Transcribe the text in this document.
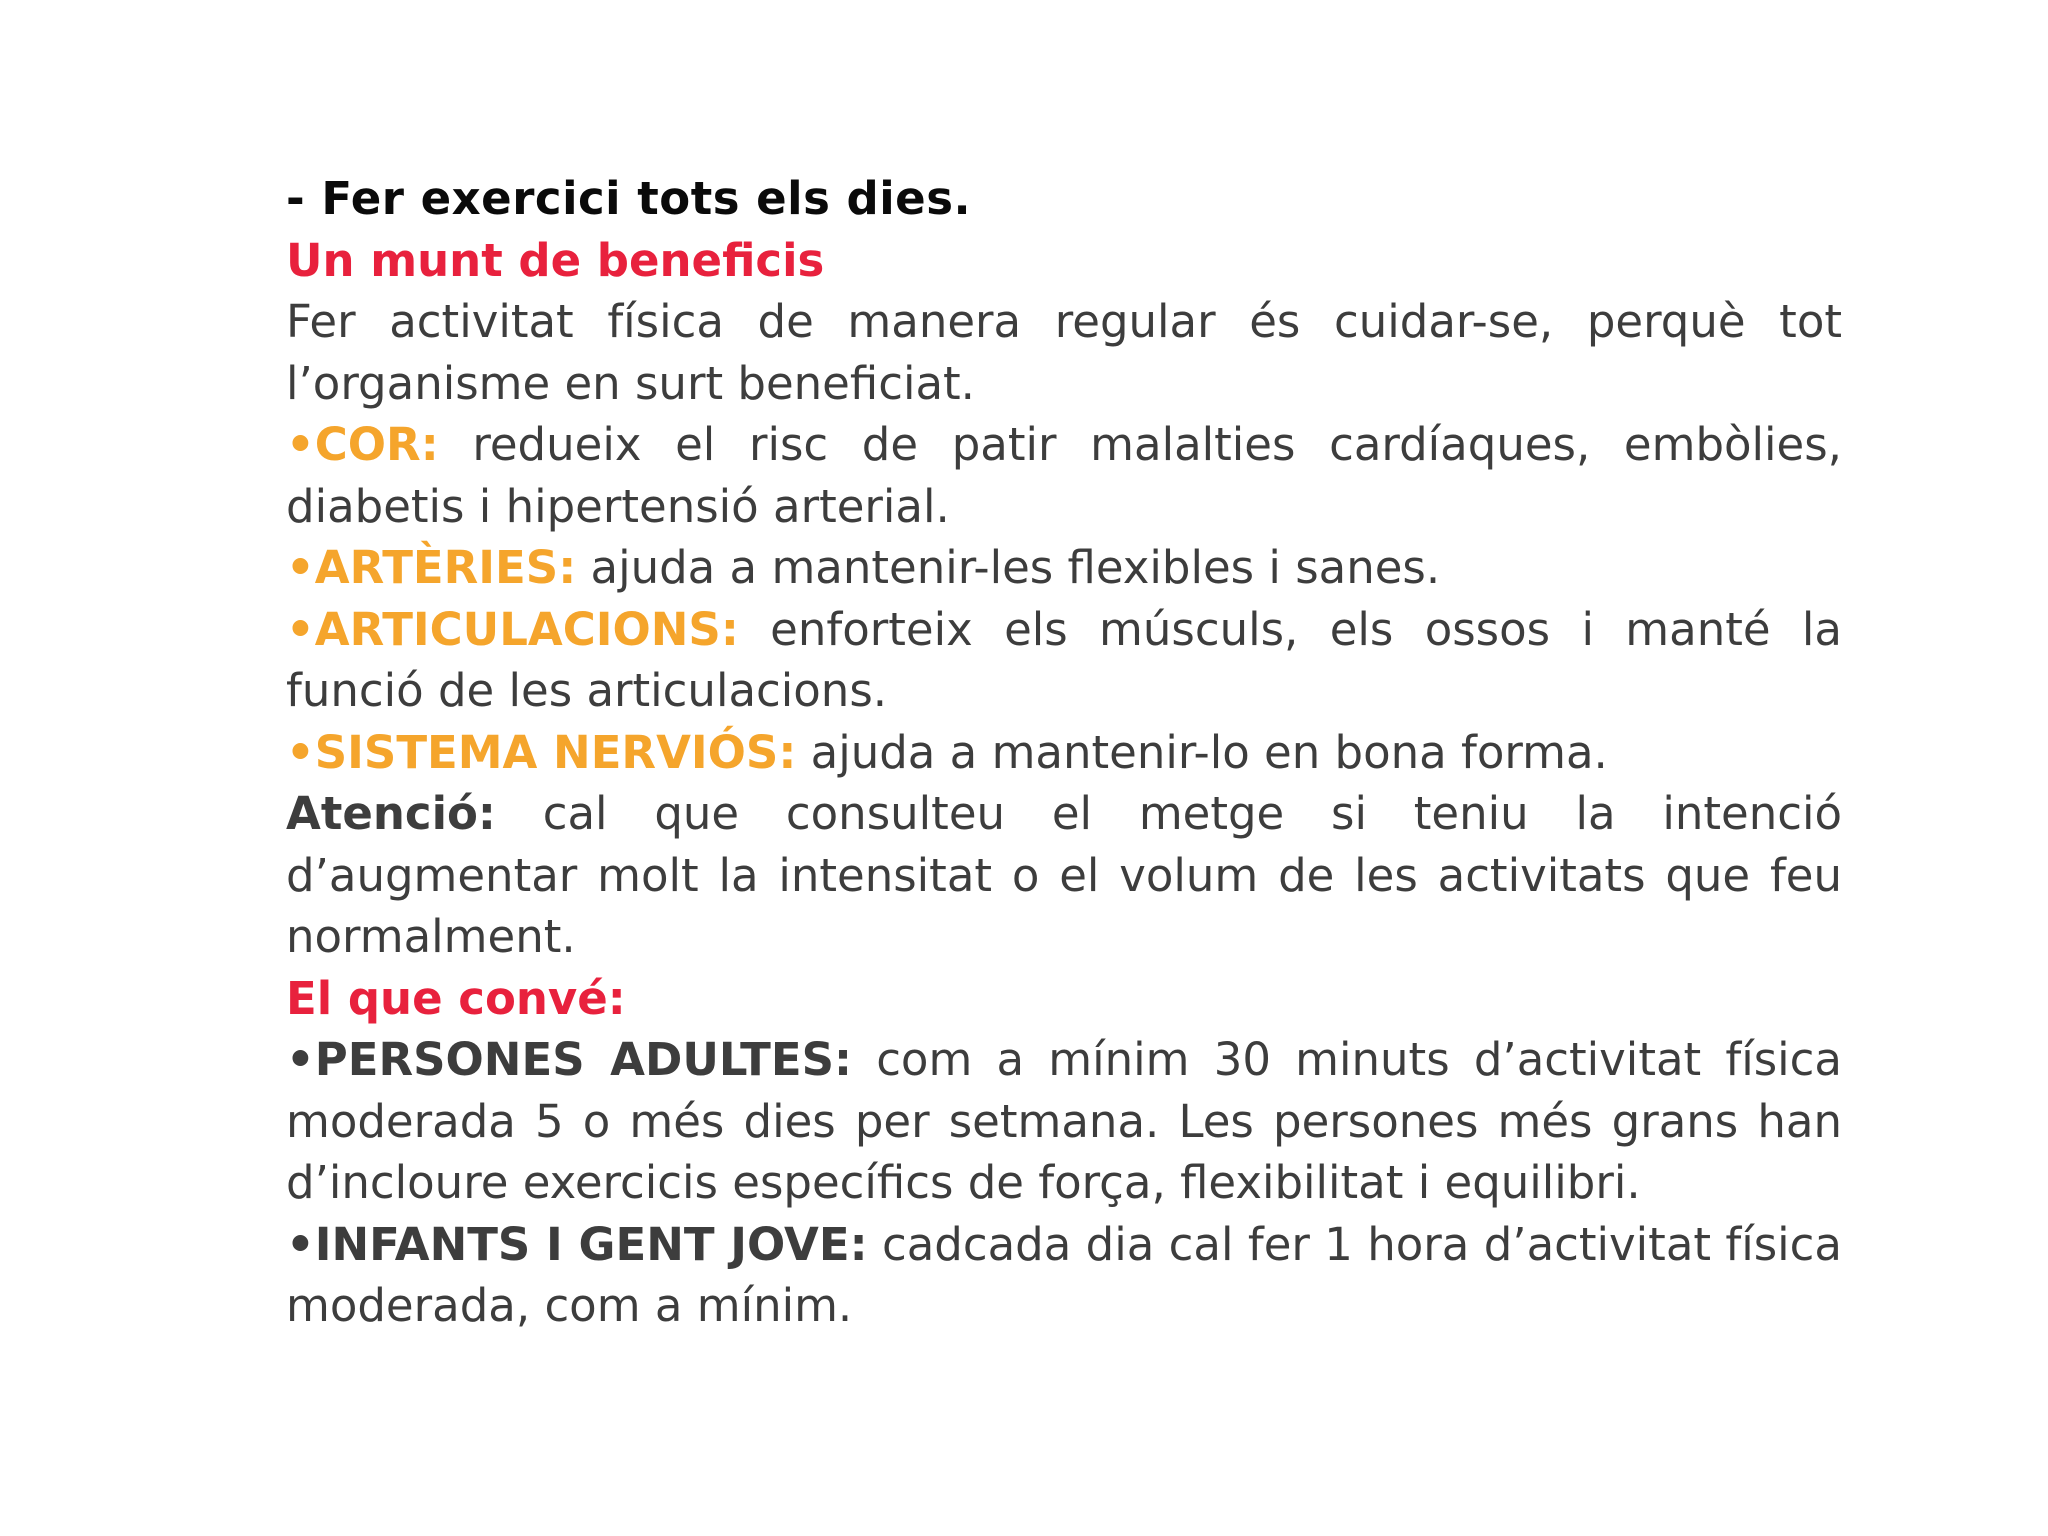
- Fer exercici tots els dies.

Un munt de beneficis

Fer activitat física de manera regular és cuidar-se, perquè tot l’organisme en surt beneficiat.

•COR: redueix el risc de patir malalties cardíaques, embòlies, diabetis i hipertensió arterial.

•ARTÈRIES: ajuda a mantenir-les flexibles i sanes.

•ARTICULACIONS: enforteix els músculs, els ossos i manté la funció de les articulacions.

•SISTEMA NERVIÓS: ajuda a mantenir-lo en bona forma.

Atenció: cal que consulteu el metge si teniu la intenció d’augmentar molt la intensitat o el volum de les activitats que feu normalment.

El que convé:

•PERSONES ADULTES: com a mínim 30 minuts d’activitat física moderada 5 o més dies per setmana. Les persones més grans han d’incloure exercicis específics de força, flexibilitat i equilibri.

•INFANTS I GENT JOVE: cadcada dia cal fer 1 hora d’activitat física moderada, com a mínim.
